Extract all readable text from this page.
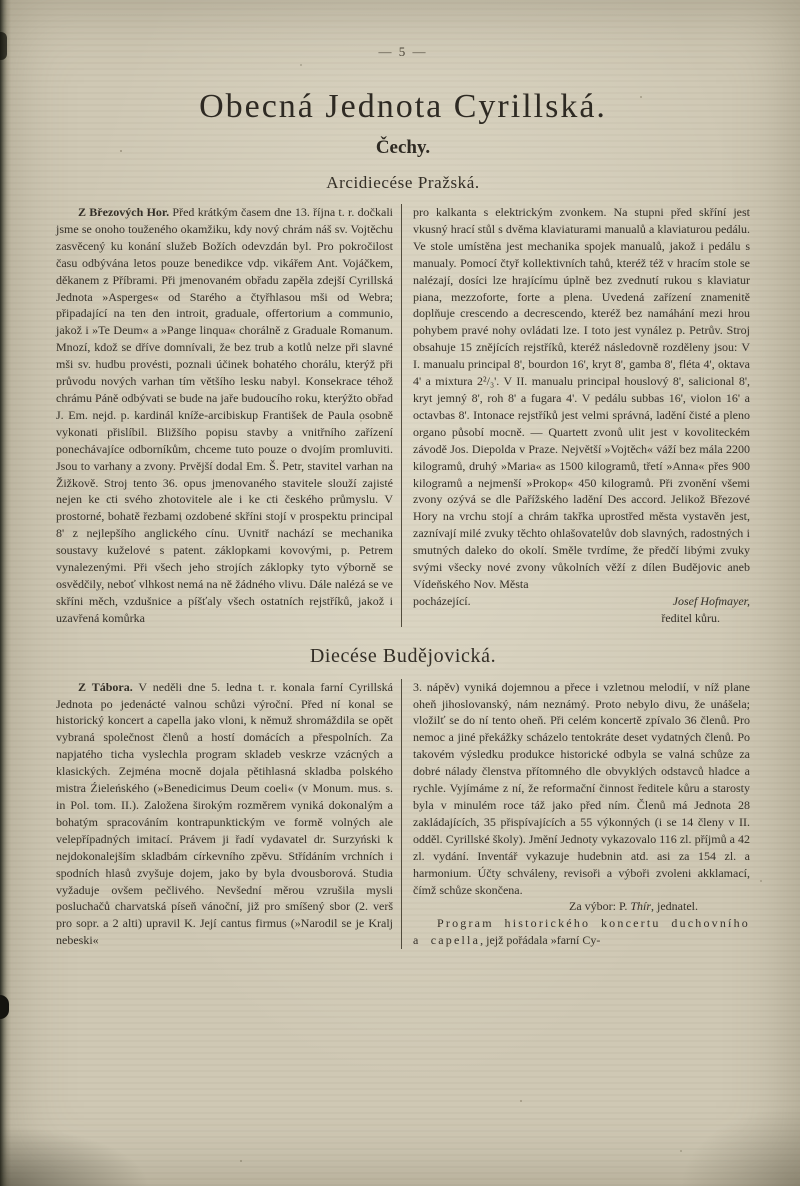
— 5 —
Obecná Jednota Cyrillská.
Čechy.
Arcidiecése Pražská.

Z Březových Hor. Před krátkým časem dne 13. října t. r. dočkali jsme se onoho touženého okamžiku, kdy nový chrám náš sv. Vojtěchu zasvěcený ku konání služeb Božích odevzdán byl. Pro pokročilost času odbývána letos pouze benedikce vdp. vikářem Ant. Vojáčkem, děkanem z Příbrami. Při jmenovaném obřadu zapěla zdejší Cyrillská Jednota »Asperges« od Starého a čtyřhlasou mši od Webra; připadající na ten den introit, graduale, offertorium a communio, jakož i »Te Deum« a »Pange linqua« chorálně z Graduale Romanum. Mnozí, kdož se dříve domnívali, že bez trub a kotlů nelze při slavné mši sv. hudbu provésti, poznali účinek bohatého chorálu, kterýž při průvodu nových varhan tím většího lesku nabyl. Konsekrace téhož chrámu Páně odbývati se bude na jaře budoucího roku, kterýžto obřad J. Em. nejd. p. kardinál kníže-arcibiskup František de Paula osobně vykonati přislíbil. Bližšího popisu stavby a vnitřního zařízení ponechávajíce odborníkům, chceme tuto pouze o dvojím promluviti. Jsou to varhany a zvony. Prvější dodal Em. Š. Petr, stavitel varhan na Žižkově. Stroj tento 36. opus jmenovaného stavitele slouží zajisté nejen ke cti svého zhotovitele ale i ke cti českého průmyslu. V prostorné, bohatě řezbami ozdobené skříni stojí v prospektu principal 8' z nejlepšího anglického cínu. Uvnitř nachází se mechanika soustavy kuželové s patent. záklopkami kovovými, p. Petrem vynalezenými. Při všech jeho strojích záklopky tyto výborně se osvědčily, neboť vlhkost nemá na ně žádného vlivu. Dále nalézá se ve skříni měch, vzdušnice a píšťaly všech ostatních rejstříků, jakož i uzavřená komůrka

pro kalkanta s elektrickým zvonkem. Na stupni před skříní jest vkusný hrací stůl s dvěma klaviaturami manualů a klaviaturou pedálu. Ve stole umístěna jest mechanika spojek manualů, jakož i pedálu s manualy. Pomocí čtyř kollektivních tahů, kteréž též v hracím stole se nalézají, dosíci lze hrajícímu úplně bez zvednutí rukou s klaviatur piana, mezzoforte, forte a plena. Uvedená zařízení znamenitě doplňuje crescendo a decrescendo, kteréž bez namáhání mezi hrou pohybem pravé nohy ovládati lze. I toto jest vynález p. Petrův. Stroj obsahuje 15 znějících rejstříků, kteréž následovně rozděleny jsou: V I. manualu principal 8', bourdon 16', kryt 8', gamba 8', fléta 4', oktava 4' a mixtura 2²/₃'. V II. manualu principal houslový 8', salicional 8', kryt jemný 8', roh 8' a fugara 4'. V pedálu subbas 16', violon 16' a octavbas 8'. Intonace rejstříků jest velmi správná, ladění čisté a pleno organo působí mocně. — Quartett zvonů ulit jest v kovoliteckém závodě Jos. Diepolda v Praze. Největší »Vojtěch« váží bez mála 2200 kilogramů, druhý »Maria« as 1500 kilogramů, třetí »Anna« přes 900 kilogramů a nejmenší »Prokop« 450 kilogramů. Při zvonění všemi zvony ozývá se dle Pařížského ladění Des accord. Jelikož Březové Hory na vrchu stojí a chrám takřka uprostřed města vystavěn jest, zaznívají milé zvuky těchto ohlašovatelův dob slavných, radostných i smutných daleko do okolí. Směle tvrdíme, že předčí libými zvuky svými všecky nové zvony vůkolních věží z dílen Budějovic aneb Vídeňského Nov. Města

pocházející.	Josef Hofmayer,
ředitel kůru.
Diecése Budějovická.

Z Tábora. V neděli dne 5. ledna t. r. konala farní Cyrillská Jednota po jedenácté valnou schůzi výroční. Před ní konal se historický koncert a capella jako vloni, k němuž shromáždila se opět vybraná společnost členů a hostí domácích a přespolních. Za napjatého ticha vyslechla program skladeb veskrze vzácných a klasických. Zejména mocně dojala pětihlasná skladba polského mistra Źieleńského (»Benedicimus Deum coeli« (v Monum. mus. s. in Pol. tom. II.). Založena širokým rozměrem vyniká dokonalým a bohatým spracováním kontrapunktickým ve formě volných ale velepřípadných imitací. Právem ji řadí vydavatel dr. Surzyński k nejdokonalejším skladbám církevního zpěvu. Střídáním vrchních i spodních hlasů zvyšuje dojem, jako by byla dvousborová. Studia vyžaduje ovšem pečlivého. Nevšední měrou vzrušila mysli posluchačů charvatská píseň vánoční, již pro smíšený sbor (2. verš pro sopr. a 2 alti) upravil K. Její cantus firmus (»Narodil se je Kralj nebeski«

3. nápěv) vyniká dojemnou a přece i vzletnou melodií, v níž plane oheň jihoslovanský, nám neznámý. Proto nebylo divu, že unášela; vložilť se do ní tento oheň. Při celém koncertě zpívalo 36 členů. Pro nemoc a jiné překážky scházelo tentokráte deset vydatných členů. Po takovém výsledku produkce historické odbyla se valná schůze za dobré nálady členstva přítomného dle obvyklých odstavců hladce a rychle. Vyjímáme z ní, že reformační činnost ředitele kůru a starosty byla v minulém roce táž jako před ním. Členů má Jednota 28 zakládajících, 35 přispívajících a 55 výkonných (i se 14 členy v II. odděl. Cyrillské školy). Jmění Jednoty vykazovalo 116 zl. příjmů a 42 zl. vydání. Inventář vykazuje hudebnin atd. asi za 154 zl. a harmonium. Účty schváleny, revisoři a výboři zvoleni akklamací, čímž schůze skončena.

Za výbor: P. Thír, jednatel.

Program historického koncertu duchovního a capella, jejž pořádala »farní Cy-
